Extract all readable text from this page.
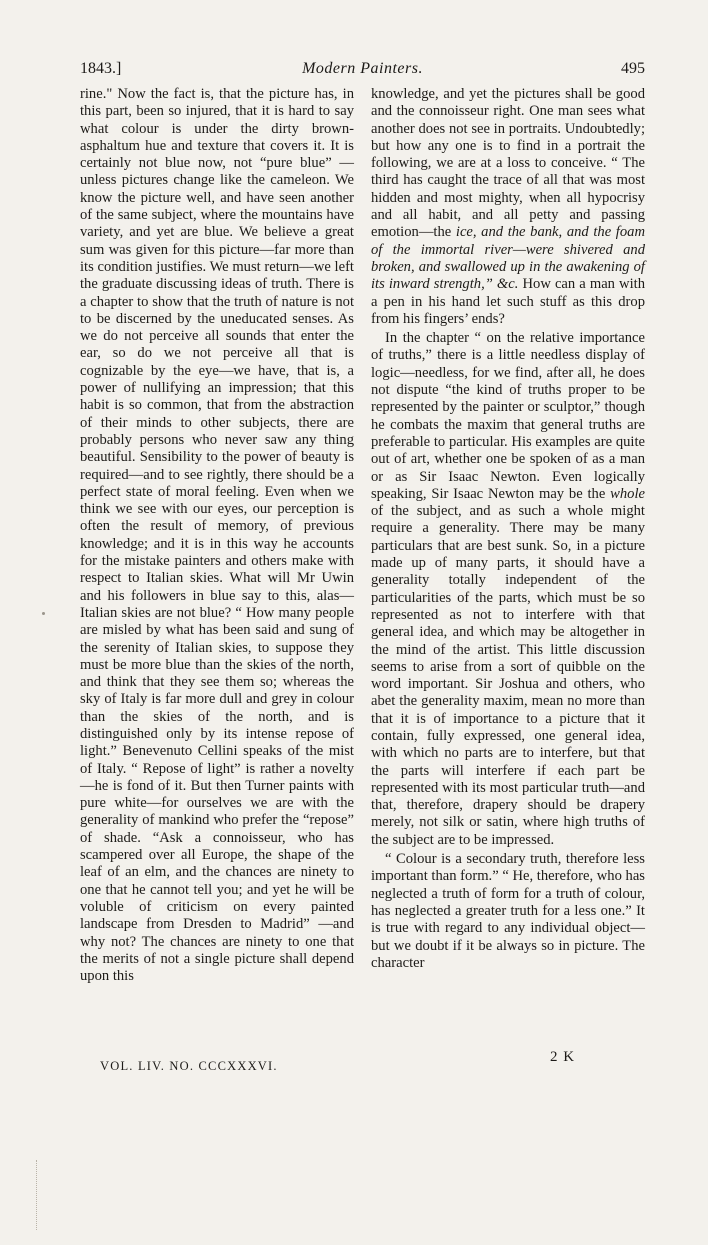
1843.]	Modern Painters.	495

rine." Now the fact is, that the picture has, in this part, been so injured, that it is hard to say what colour is under the dirty brown-asphaltum hue and texture that covers it. It is certainly not blue now, not “pure blue” —unless pictures change like the cameleon. We know the picture well, and have seen another of the same subject, where the mountains have variety, and yet are blue. We believe a great sum was given for this picture—far more than its condition justifies. We must return—we left the graduate discussing ideas of truth. There is a chapter to show that the truth of nature is not to be discerned by the uneducated senses. As we do not perceive all sounds that enter the ear, so do we not perceive all that is cognizable by the eye—we have, that is, a power of nullifying an impression; that this habit is so common, that from the abstraction of their minds to other subjects, there are probably persons who never saw any thing beautiful. Sensibility to the power of beauty is required—and to see rightly, there should be a perfect state of moral feeling. Even when we think we see with our eyes, our perception is often the result of memory, of previous knowledge; and it is in this way he accounts for the mistake painters and others make with respect to Italian skies. What will Mr Uwin and his followers in blue say to this, alas—Italian skies are not blue? “ How many people are misled by what has been said and sung of the serenity of Italian skies, to suppose they must be more blue than the skies of the north, and think that they see them so; whereas the sky of Italy is far more dull and grey in colour than the skies of the north, and is distinguished only by its intense repose of light.” Benevenuto Cellini speaks of the mist of Italy. “ Repose of light” is rather a novelty—he is fond of it. But then Turner paints with pure white—for ourselves we are with the generality of mankind who prefer the “repose” of shade. “Ask a connoisseur, who has scampered over all Europe, the shape of the leaf of an elm, and the chances are ninety to one that he cannot tell you; and yet he will be voluble of criticism on every painted landscape from Dresden to Madrid” —and why not? The chances are ninety to one that the merits of not a single picture shall depend upon this

knowledge, and yet the pictures shall be good and the connoisseur right. One man sees what another does not see in portraits. Undoubtedly; but how any one is to find in a portrait the following, we are at a loss to conceive. “ The third has caught the trace of all that was most hidden and most mighty, when all hypocrisy and all habit, and all petty and passing emotion—the ice, and the bank, and the foam of the immortal river—were shivered and broken, and swallowed up in the awakening of its inward strength,” &c. How can a man with a pen in his hand let such stuff as this drop from his fingers’ ends?

In the chapter “ on the relative importance of truths,” there is a little needless display of logic—needless, for we find, after all, he does not dispute “the kind of truths proper to be represented by the painter or sculptor,” though he combats the maxim that general truths are preferable to particular. His examples are quite out of art, whether one be spoken of as a man or as Sir Isaac Newton. Even logically speaking, Sir Isaac Newton may be the whole of the subject, and as such a whole might require a generality. There may be many particulars that are best sunk. So, in a picture made up of many parts, it should have a generality totally independent of the particularities of the parts, which must be so represented as not to interfere with that general idea, and which may be altogether in the mind of the artist. This little discussion seems to arise from a sort of quibble on the word important. Sir Joshua and others, who abet the generality maxim, mean no more than that it is of importance to a picture that it contain, fully expressed, one general idea, with which no parts are to interfere, but that the parts will interfere if each part be represented with its most particular truth—and that, therefore, drapery should be drapery merely, not silk or satin, where high truths of the subject are to be impressed.

“ Colour is a secondary truth, therefore less important than form.” “ He, therefore, who has neglected a truth of form for a truth of colour, has neglected a greater truth for a less one.” It is true with regard to any individual object—but we doubt if it be always so in picture. The character

VOL. LIV. NO. CCCXXXVI.
2 K
